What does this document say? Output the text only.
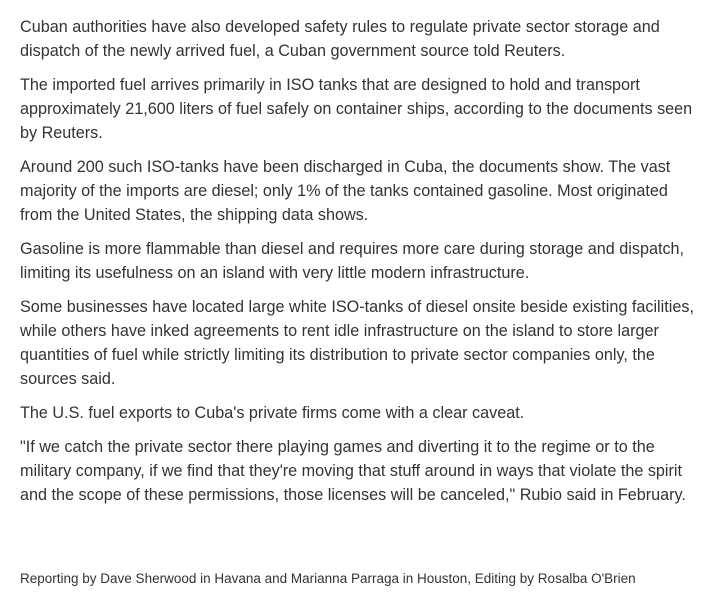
Cuban authorities have also developed safety rules to regulate private sector storage and dispatch of the newly arrived fuel, a Cuban government source told Reuters.

The imported fuel arrives primarily in ISO tanks that are designed to hold and transport approximately 21,600 liters of fuel safely on container ships, according to the documents seen by Reuters.

Around 200 such ISO-tanks have been discharged in Cuba, the documents show. The vast majority of the imports are diesel; only 1% of the tanks contained gasoline. Most originated from the United States, the shipping data shows.

Gasoline is more flammable than diesel and requires more care during storage and dispatch, limiting its usefulness on an island with very little modern infrastructure.

Some businesses have located large white ISO-tanks of diesel onsite beside existing facilities, while others have inked agreements to rent idle infrastructure on the island to store larger quantities of fuel while strictly limiting its distribution to private sector companies only, the sources said.

The U.S. fuel exports to Cuba's private firms come with a clear caveat.

"If we catch the private sector there playing games and diverting it to the regime or to the military company, if we find that they're moving that stuff around in ways that violate the spirit and the scope of these permissions, those licenses will be canceled," Rubio said in February.

Reporting by Dave Sherwood in Havana and Marianna Parraga in Houston, Editing by Rosalba O'Brien
